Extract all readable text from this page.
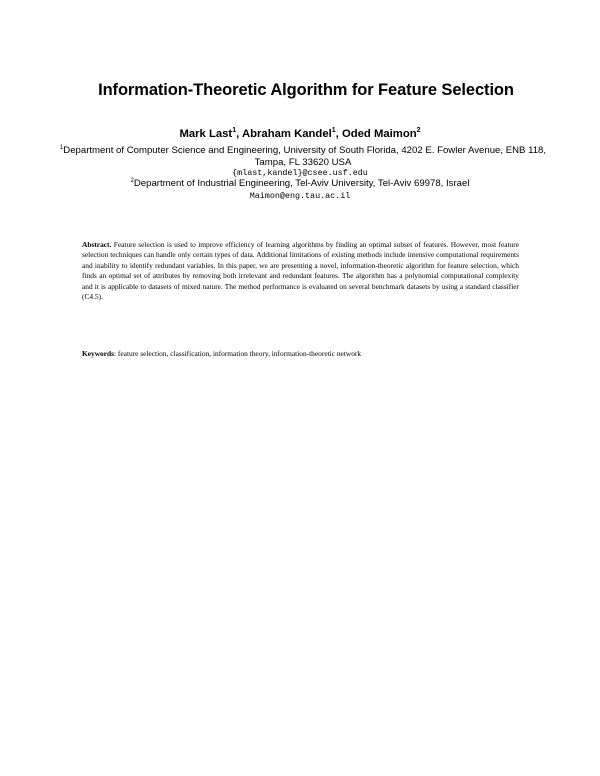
Information-Theoretic Algorithm for Feature Selection
Mark Last$^1$, Abraham Kandel$^1$, Oded Maimon$^2$
$^1$Department of Computer Science and Engineering, University of South Florida, 4202 E. Fowler Avenue, ENB 118, Tampa, FL 33620 USA
{mlast,kandel}@csee.usf.edu
$^2$Department of Industrial Engineering, Tel-Aviv University, Tel-Aviv 69978, Israel
Maimon@eng.tau.ac.il

Abstract. Feature selection is used to improve efficiency of learning algorithms by finding an optimal subset of features. However, most feature selection techniques can handle only certain types of data. Additional limitations of existing methods include intensive computational requirements and inability to identify redundant variables. In this paper, we are presenting a novel, information-theoretic algorithm for feature selection, which finds an optimal set of attributes by removing both irrelevant and redundant features. The algorithm has a polynomial computational complexity and it is applicable to datasets of mixed nature. The method performance is evaluated on several benchmark datasets by using a standard classifier (C4.5).

Keywords: feature selection, classification, information theory, information-theoretic network
